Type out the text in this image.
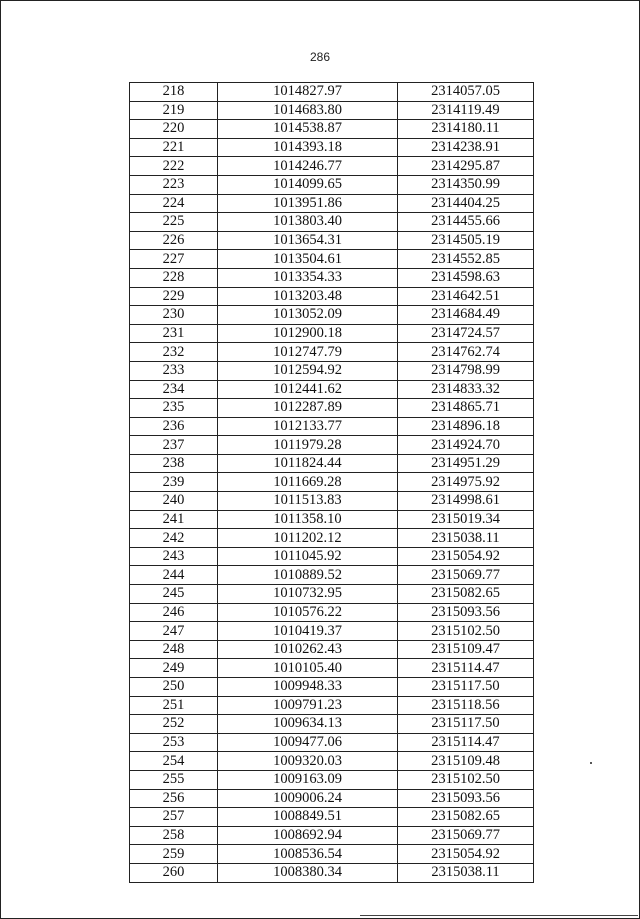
286
218	1014827.97	2314057.05
219	1014683.80	2314119.49
220	1014538.87	2314180.11
221	1014393.18	2314238.91
222	1014246.77	2314295.87
223	1014099.65	2314350.99
224	1013951.86	2314404.25
225	1013803.40	2314455.66
226	1013654.31	2314505.19
227	1013504.61	2314552.85
228	1013354.33	2314598.63
229	1013203.48	2314642.51
230	1013052.09	2314684.49
231	1012900.18	2314724.57
232	1012747.79	2314762.74
233	1012594.92	2314798.99
234	1012441.62	2314833.32
235	1012287.89	2314865.71
236	1012133.77	2314896.18
237	1011979.28	2314924.70
238	1011824.44	2314951.29
239	1011669.28	2314975.92
240	1011513.83	2314998.61
241	1011358.10	2315019.34
242	1011202.12	2315038.11
243	1011045.92	2315054.92
244	1010889.52	2315069.77
245	1010732.95	2315082.65
246	1010576.22	2315093.56
247	1010419.37	2315102.50
248	1010262.43	2315109.47
249	1010105.40	2315114.47
250	1009948.33	2315117.50
251	1009791.23	2315118.56
252	1009634.13	2315117.50
253	1009477.06	2315114.47
254	1009320.03	2315109.48
255	1009163.09	2315102.50
256	1009006.24	2315093.56
257	1008849.51	2315082.65
258	1008692.94	2315069.77
259	1008536.54	2315054.92
260	1008380.34	2315038.11
